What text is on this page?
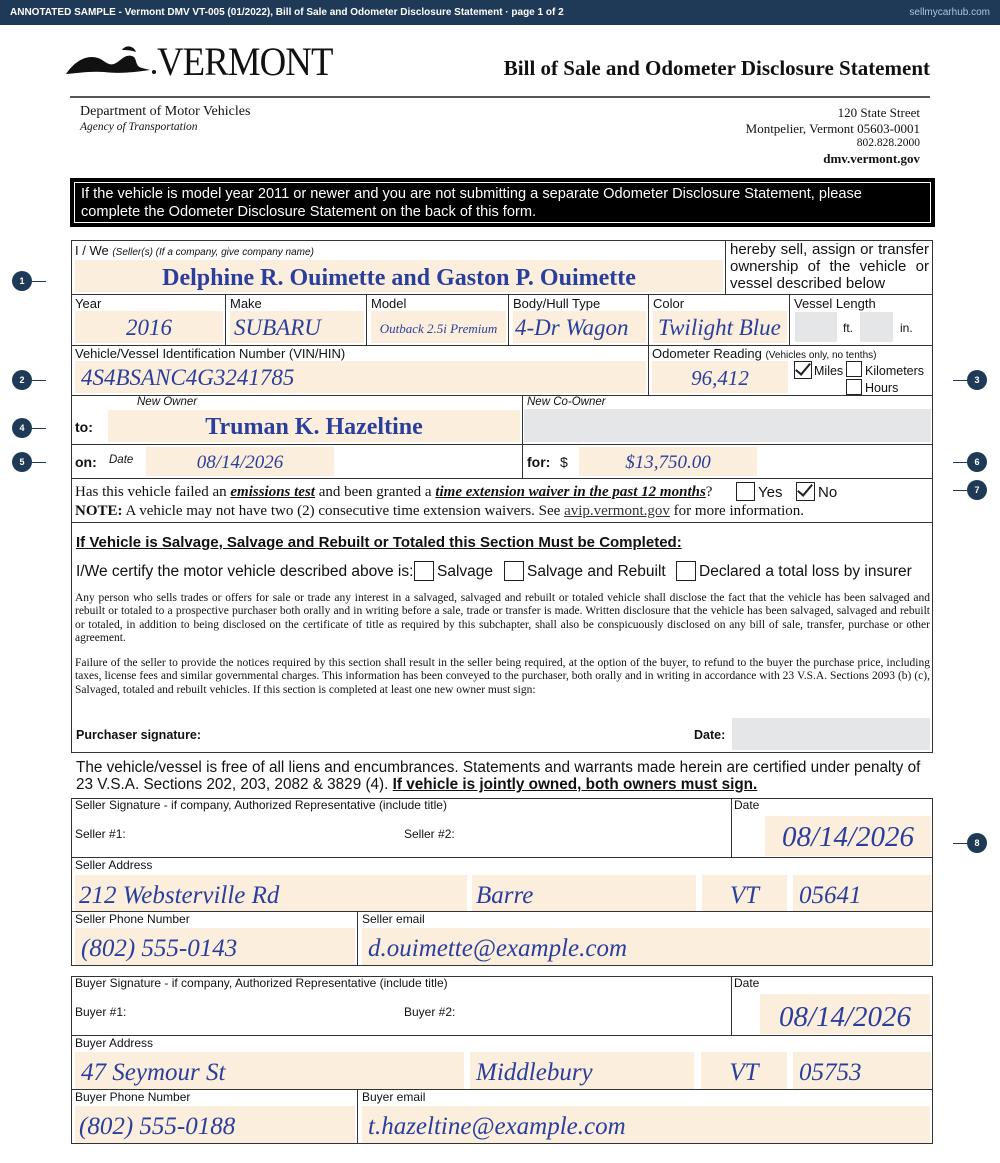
ANNOTATED SAMPLE - Vermont DMV VT-005 (01/2022), Bill of Sale and Odometer Disclosure Statement · page 1 of 2	sellmycarhub.com
VERMONT	Bill of Sale and Odometer Disclosure Statement
Department of Motor Vehicles
Agency of Transportation
120 State Street
Montpelier, Vermont 05603-0001
802.828.2000
dmv.vermont.gov
If the vehicle is model year 2011 or newer and you are not submitting a separate Odometer Disclosure Statement, please complete the Odometer Disclosure Statement on the back of this form.
I / We (Seller(s) (If a company, give company name)
Delphine R. Ouimette and Gaston P. Ouimette
hereby sell, assign or transfer ownership of the vehicle or vessel described below
Year
2016
Make
SUBARU
Model
Outback 2.5i Premium
Body/Hull Type
4-Dr Wagon
Color
Twilight Blue
Vessel Length
ft.	in.
Vehicle/Vessel Identification Number (VIN/HIN)
4S4BSANC4G3241785
Odometer Reading (Vehicles only, no tenths)
96,412	Miles Kilometers
Hours
to:
New Owner
Truman K. Hazeltine
New Co-Owner
on: Date	08/14/2026	for: $	$13,750.00
Has this vehicle failed an emissions test and been granted a time extension waiver in the past 12 months?	Yes No
NOTE: A vehicle may not have two (2) consecutive time extension waivers. See avip.vermont.gov for more information.
If Vehicle is Salvage, Salvage and Rebuilt or Totaled this Section Must be Completed:
I/We certify the motor vehicle described above is: Salvage Salvage and Rebuilt Declared a total loss by insurer
Any person who sells trades or offers for sale or trade any interest in a salvaged, salvaged and rebuilt or totaled vehicle shall disclose the fact that the vehicle has been salvaged and rebuilt or totaled to a prospective purchaser both orally and in writing before a sale, trade or transfer is made. Written disclosure that the vehicle has been salvaged, salvaged and rebuilt or totaled, in addition to being disclosed on the certificate of title as required by this subchapter, shall also be conspicuously disclosed on any bill of sale, transfer, purchase or other agreement.
Failure of the seller to provide the notices required by this section shall result in the seller being required, at the option of the buyer, to refund to the buyer the purchase price, including taxes, license fees and similar governmental charges. This information has been conveyed to the purchaser, both orally and in writing in accordance with 23 V.S.A. Sections 2093 (b) (c), Salvaged, totaled and rebuilt vehicles. If this section is completed at least one new owner must sign:
Purchaser signature:	Date:
The vehicle/vessel is free of all liens and encumbrances. Statements and warrants made herein are certified under penalty of 23 V.S.A. Sections 202, 203, 2082 & 3829 (4). If vehicle is jointly owned, both owners must sign.
Seller Signature - if company, Authorized Representative (include title)
Seller #1:	Seller #2:
Date
08/14/2026
Seller Address
212 Websterville Rd	Barre	VT	05641
Seller Phone Number
(802) 555-0143
Seller email
d.ouimette@example.com
Buyer Signature - if company, Authorized Representative (include title)
Buyer #1:	Buyer #2:
Date
08/14/2026
Buyer Address
47 Seymour St	Middlebury	VT	05753
Buyer Phone Number
(802) 555-0188
Buyer email
t.hazeltine@example.com
1
2	3
4
5	6
7
8
